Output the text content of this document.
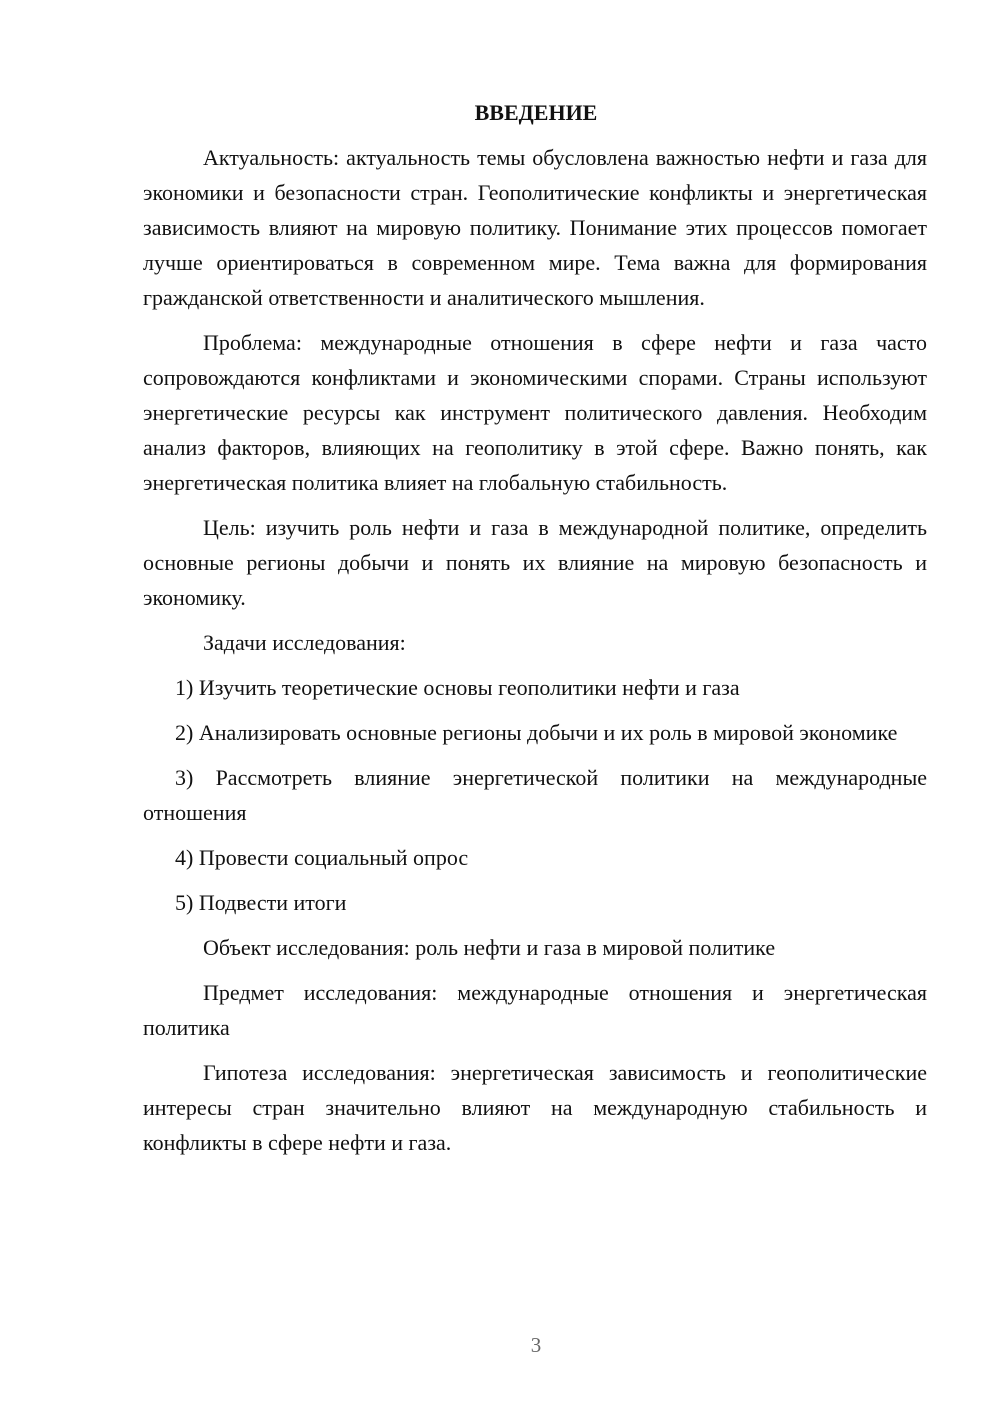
ВВЕДЕНИЕ

Актуальность: актуальность темы обусловлена важностью нефти и газа для экономики и безопасности стран. Геополитические конфликты и энергетическая зависимость влияют на мировую политику. Понимание этих процессов помогает лучше ориентироваться в современном мире. Тема важна для формирования гражданской ответственности и аналитического мышления.

Проблема: международные отношения в сфере нефти и газа часто сопровождаются конфликтами и экономическими спорами. Страны используют энергетические ресурсы как инструмент политического давления. Необходим анализ факторов, влияющих на геополитику в этой сфере. Важно понять, как энергетическая политика влияет на глобальную стабильность.

Цель: изучить роль нефти и газа в международной политике, определить основные регионы добычи и понять их влияние на мировую безопасность и экономику.

Задачи исследования:

1) Изучить теоретические основы геополитики нефти и газа

2) Анализировать основные регионы добычи и их роль в мировой экономике

3) Рассмотреть влияние энергетической политики на международные отношения

4) Провести социальный опрос

5) Подвести итоги

Объект исследования: роль нефти и газа в мировой политике

Предмет исследования: международные отношения и энергетическая политика

Гипотеза исследования: энергетическая зависимость и геополитические интересы стран значительно влияют на международную стабильность и конфликты в сфере нефти и газа.

3
